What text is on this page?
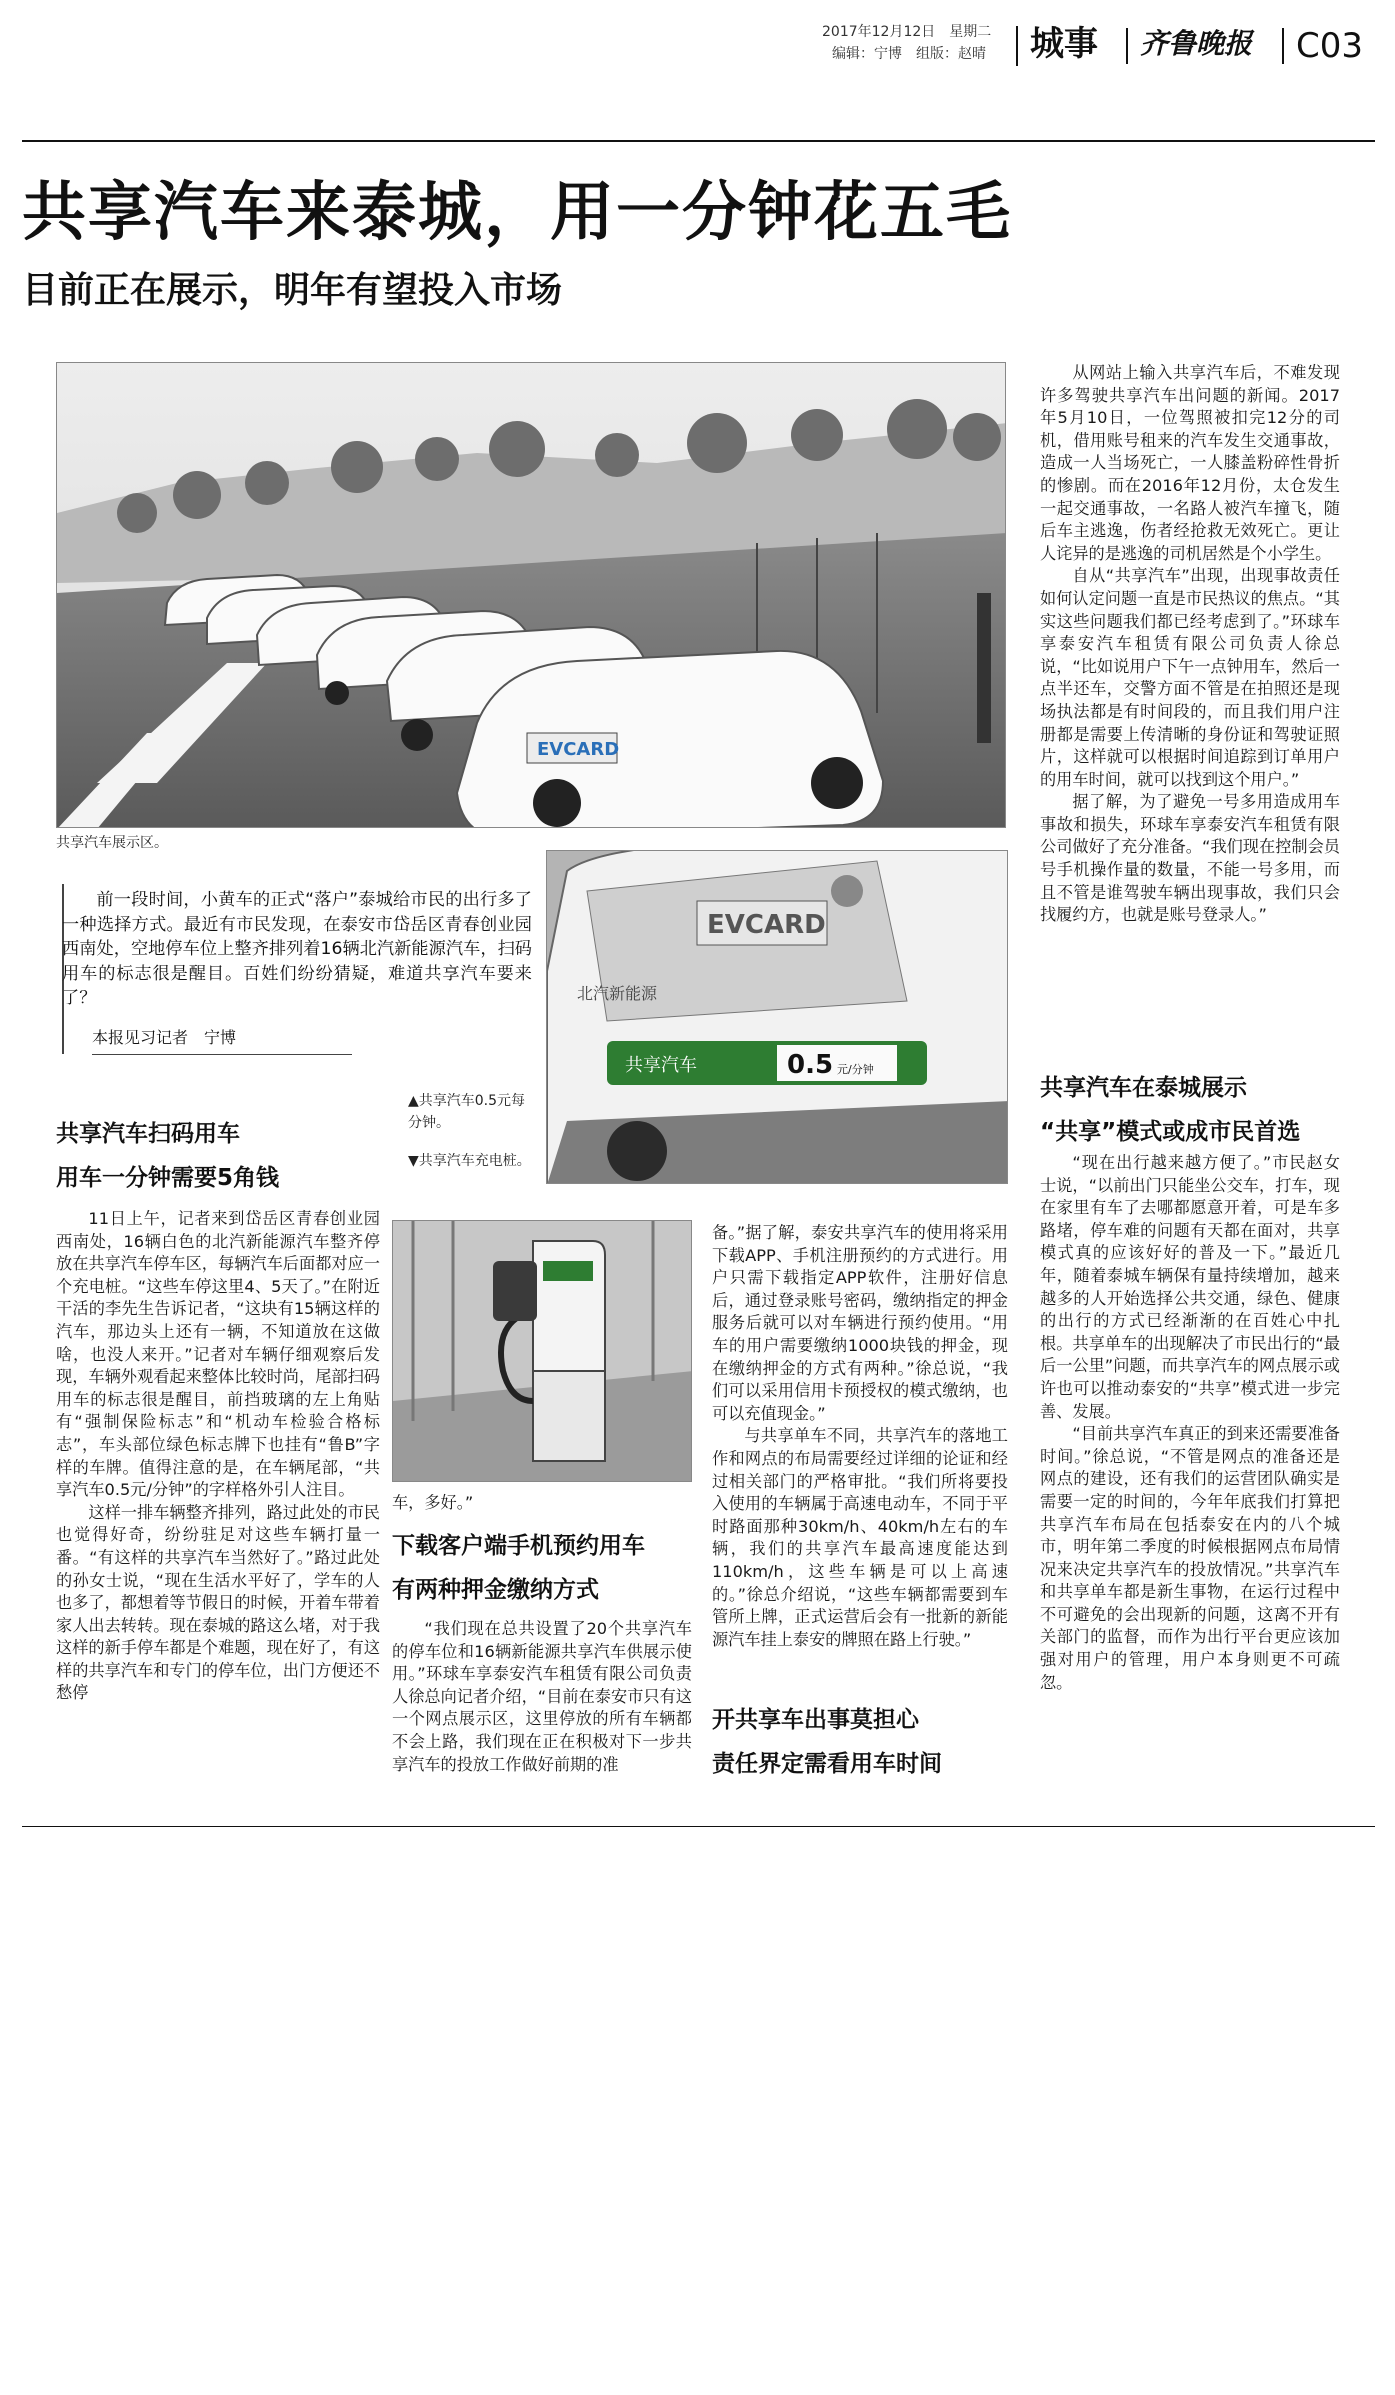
2017年12月12日　星期二
编辑：宁博　组版：赵晴 城事 齐鲁晚报 C03
共享汽车来泰城，用一分钟花五毛
目前正在展示，明年有望投入市场
EVCARD
共享汽车展示区。

前一段时间，小黄车的正式“落户”泰城给市民的出行多了一种选择方式。最近有市民发现，在泰安市岱岳区青春创业园西南处，空地停车位上整齐排列着16辆北汽新能源汽车，扫码用车的标志很是醒目。百姓们纷纷猜疑，难道共享汽车要来了？

本报见习记者　宁博
EVCARD
北汽新能源
共享汽车	0.5 元/分钟
▲共享汽车0.5元每分钟。
▼共享汽车充电桩。
共享汽车扫码用车
用车一分钟需要5角钱

11日上午，记者来到岱岳区青春创业园西南处，16辆白色的北汽新能源汽车整齐停放在共享汽车停车区，每辆汽车后面都对应一个充电桩。“这些车停这里4、5天了。”在附近干活的李先生告诉记者，“这块有15辆这样的汽车，那边头上还有一辆，不知道放在这做啥，也没人来开。”记者对车辆仔细观察后发现，车辆外观看起来整体比较时尚，尾部扫码用车的标志很是醒目，前挡玻璃的左上角贴有“强制保险标志”和“机动车检验合格标志”，车头部位绿色标志牌下也挂有“鲁B”字样的车牌。值得注意的是，在车辆尾部，“共享汽车0.5元/分钟”的字样格外引人注目。

这样一排车辆整齐排列，路过此处的市民也觉得好奇，纷纷驻足对这些车辆打量一番。“有这样的共享汽车当然好了。”路过此处的孙女士说，“现在生活水平好了，学车的人也多了，都想着等节假日的时候，开着车带着家人出去转转。现在泰城的路这么堵，对于我这样的新手停车都是个难题，现在好了，有这样的共享汽车和专门的停车位，出门方便还不愁停

车，多好。”

下载客户端手机预约用车
有两种押金缴纳方式

“我们现在总共设置了20个共享汽车的停车位和16辆新能源共享汽车供展示使用。”环球车享泰安汽车租赁有限公司负责人徐总向记者介绍，“目前在泰安市只有这一个网点展示区，这里停放的所有车辆都不会上路，我们现在正在积极对下一步共享汽车的投放工作做好前期的准

备。”据了解，泰安共享汽车的使用将采用下载APP、手机注册预约的方式进行。用户只需下载指定APP软件，注册好信息后，通过登录账号密码，缴纳指定的押金服务后就可以对车辆进行预约使用。“用车的用户需要缴纳1000块钱的押金，现在缴纳押金的方式有两种。”徐总说，“我们可以采用信用卡预授权的模式缴纳，也可以充值现金。”

与共享单车不同，共享汽车的落地工作和网点的布局需要经过详细的论证和经过相关部门的严格审批。“我们所将要投入使用的车辆属于高速电动车，不同于平时路面那种30km/h、40km/h左右的车辆，我们的共享汽车最高速度能达到110km/h，这些车辆是可以上高速的。”徐总介绍说，“这些车辆都需要到车管所上牌，正式运营后会有一批新的新能源汽车挂上泰安的牌照在路上行驶。”

开共享车出事莫担心
责任界定需看用车时间

从网站上输入共享汽车后，不难发现许多驾驶共享汽车出问题的新闻。2017年5月10日，一位驾照被扣完12分的司机，借用账号租来的汽车发生交通事故，造成一人当场死亡，一人膝盖粉碎性骨折的惨剧。而在2016年12月份，太仓发生一起交通事故，一名路人被汽车撞飞，随后车主逃逸，伤者经抢救无效死亡。更让人诧异的是逃逸的司机居然是个小学生。

自从“共享汽车”出现，出现事故责任如何认定问题一直是市民热议的焦点。“其实这些问题我们都已经考虑到了。”环球车享泰安汽车租赁有限公司负责人徐总说，“比如说用户下午一点钟用车，然后一点半还车，交警方面不管是在拍照还是现场执法都是有时间段的，而且我们用户注册都是需要上传清晰的身份证和驾驶证照片，这样就可以根据时间追踪到订单用户的用车时间，就可以找到这个用户。”

据了解，为了避免一号多用造成用车事故和损失，环球车享泰安汽车租赁有限公司做好了充分准备。“我们现在控制会员号手机操作量的数量，不能一号多用，而且不管是谁驾驶车辆出现事故，我们只会找履约方，也就是账号登录人。”

共享汽车在泰城展示
“共享”模式或成市民首选

“现在出行越来越方便了。”市民赵女士说，“以前出门只能坐公交车，打车，现在家里有车了去哪都愿意开着，可是车多路堵，停车难的问题有天都在面对，共享模式真的应该好好的普及一下。”最近几年，随着泰城车辆保有量持续增加，越来越多的人开始选择公共交通，绿色、健康的出行的方式已经渐渐的在百姓心中扎根。共享单车的出现解决了市民出行的“最后一公里”问题，而共享汽车的网点展示或许也可以推动泰安的“共享”模式进一步完善、发展。

“目前共享汽车真正的到来还需要准备时间。”徐总说，“不管是网点的准备还是网点的建设，还有我们的运营团队确实是需要一定的时间的，今年年底我们打算把共享汽车布局在包括泰安在内的八个城市，明年第二季度的时候根据网点布局情况来决定共享汽车的投放情况。”共享汽车和共享单车都是新生事物，在运行过程中不可避免的会出现新的问题，这离不开有关部门的监督，而作为出行平台更应该加强对用户的管理，用户本身则更不可疏忽。
